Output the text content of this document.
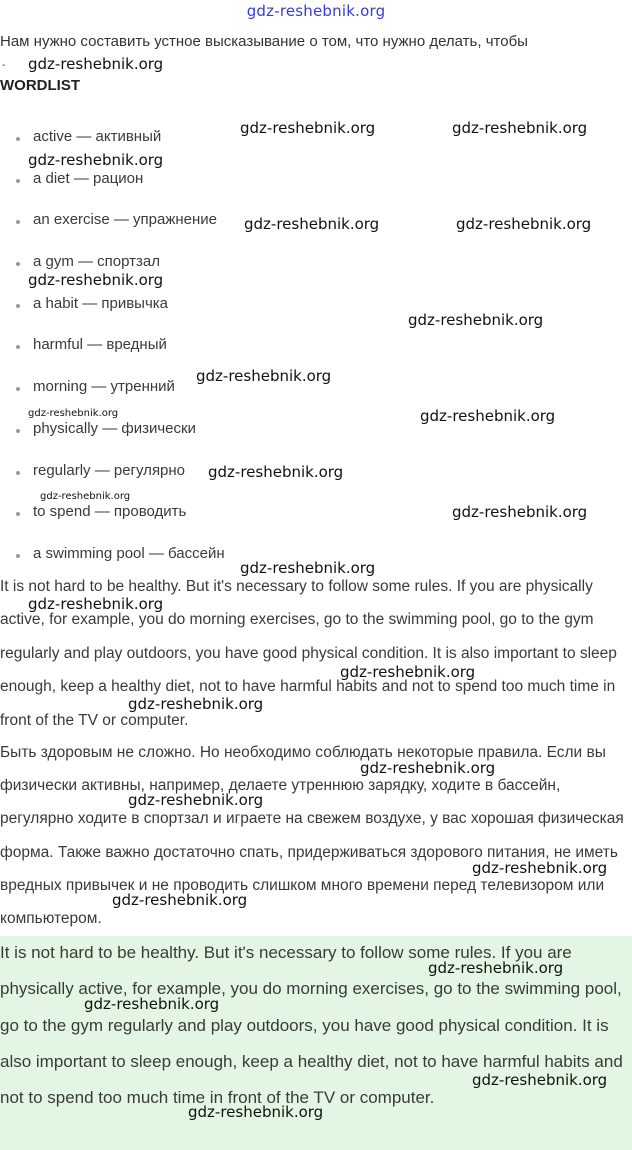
gdz-reshebnik.org
Нам нужно составить устное высказывание о том, что нужно делать, чтобы
-
WORDLIST
active — активный
a diet — рацион
an exercise — упражнение
a gym — спортзал
a habit — привычка
harmful — вредный
morning — утренний
physically — физически
regularly — регулярно
to spend — проводить
a swimming pool — бассейн

It is not hard to be healthy. But it's necessary to follow some rules. If you are physically active, for example, you do morning exercises, go to the swimming pool, go to the gym regularly and play outdoors, you have good physical condition. It is also important to sleep enough, keep a healthy diet, not to have harmful habits and not to spend too much time in front of the TV or computer.

Быть здоровым не сложно. Но необходимо соблюдать некоторые правила. Если вы физически активны, например, делаете утреннюю зарядку, ходите в бассейн, регулярно ходите в спортзал и играете на свежем воздухе, у вас хорошая физическая форма. Также важно достаточно спать, придерживаться здорового питания, не иметь вредных привычек и не проводить слишком много времени перед телевизором или компьютером.

It is not hard to be healthy. But it's necessary to follow some rules. If you are physically active, for example, you do morning exercises, go to the swimming pool, go to the gym regularly and play outdoors, you have good physical condition. It is also important to sleep enough, keep a healthy diet, not to have harmful habits and not to spend too much time in front of the TV or computer.

gdz-reshebnik.org
gdz-reshebnik.org	gdz-reshebnik.org
gdz-reshebnik.org
gdz-reshebnik.org	gdz-reshebnik.org
gdz-reshebnik.org
gdz-reshebnik.org
gdz-reshebnik.org
gdz-reshebnik.org	gdz-reshebnik.org
gdz-reshebnik.org
gdz-reshebnik.org
gdz-reshebnik.org
gdz-reshebnik.org
gdz-reshebnik.org
gdz-reshebnik.org
gdz-reshebnik.org
gdz-reshebnik.org
gdz-reshebnik.org
gdz-reshebnik.org
gdz-reshebnik.org
gdz-reshebnik.org
gdz-reshebnik.org
gdz-reshebnik.org
gdz-reshebnik.org
